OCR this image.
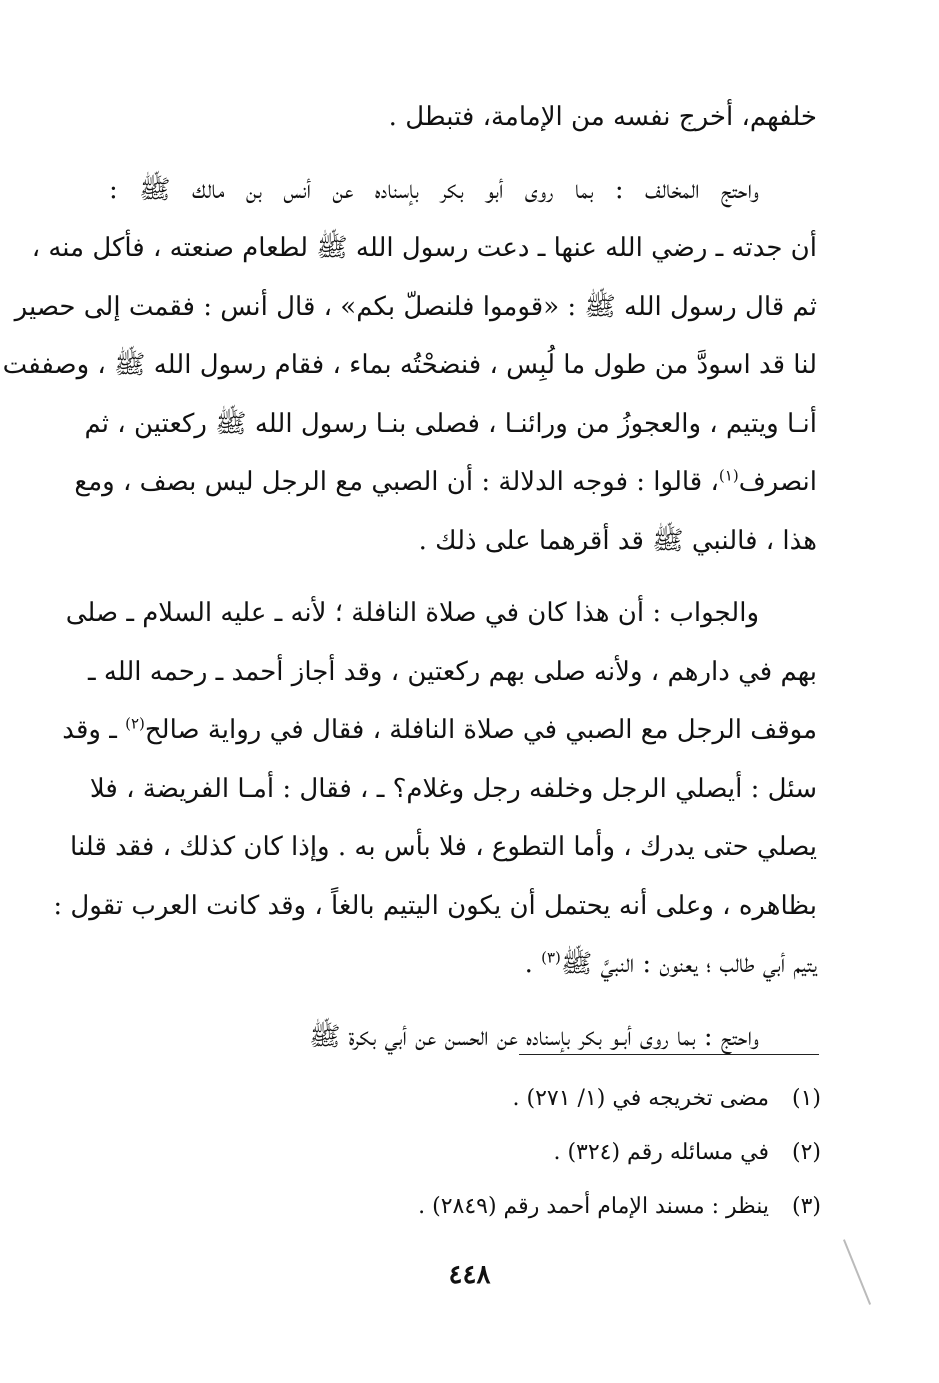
خلفهم، أخرج نفسه من الإمامة، فتبطل .
واحتج المخالف : بما روى أبو بكر بإسناده عن أنس بن مالك ﷺ :
أن جدته ـ رضي الله عنها ـ دعت رسول الله ﷺ لطعام صنعته ، فأكل منه ،
ثم قال رسول الله ﷺ : «قوموا فلنصلّ بكم» ، قال أنس : فقمت إلى حصير
لنا قد اسودَّ من طول ما لُبِس ، فنضحْتُه بماء ، فقام رسول الله ﷺ ، وصففت
أنـا ويتيم ، والعجوزُ من ورائنـا ، فصلى بنـا رسول الله ﷺ ركعتين ، ثم
انصرف$^{(١)}$، قالوا : فوجه الدلالة : أن الصبي مع الرجل ليس بصف ، ومع
هذا ، فالنبي ﷺ قد أقرهما على ذلك .
والجواب : أن هذا كان في صلاة النافلة ؛ لأنه ـ عليه السلام ـ صلى
بهم في دارهم ، ولأنه صلى بهم ركعتين ، وقد أجاز أحمد ـ رحمه الله ـ
موقف الرجل مع الصبي في صلاة النافلة ، فقال في رواية صالح$^{(٢)}$ ـ وقد
سئل : أيصلي الرجل وخلفه رجل وغلام؟ ـ ، فقال : أمـا الفريضة ، فلا
يصلي حتى يدرك ، وأما التطوع ، فلا بأس به . وإذا كان كذلك ، فقد قلنا
بظاهره ، وعلى أنه يحتمل أن يكون اليتيم بالغاً ، وقد كانت العرب تقول :
يتيم أبي طالب ؛ يعنون : النبيَّ ﷺ$^{(٣)}$ .
واحتج : بما روى أبـو بكر بإسناده عن الحسن عن أبي بكرة ﷺ
(١)مضى تخريجه في (١/ ٢٧١) .
(٢)في مسائله رقم (٣٢٤) .
(٣)ينظر : مسند الإمام أحمد رقم (٢٨٤٩) .
٤٤٨
